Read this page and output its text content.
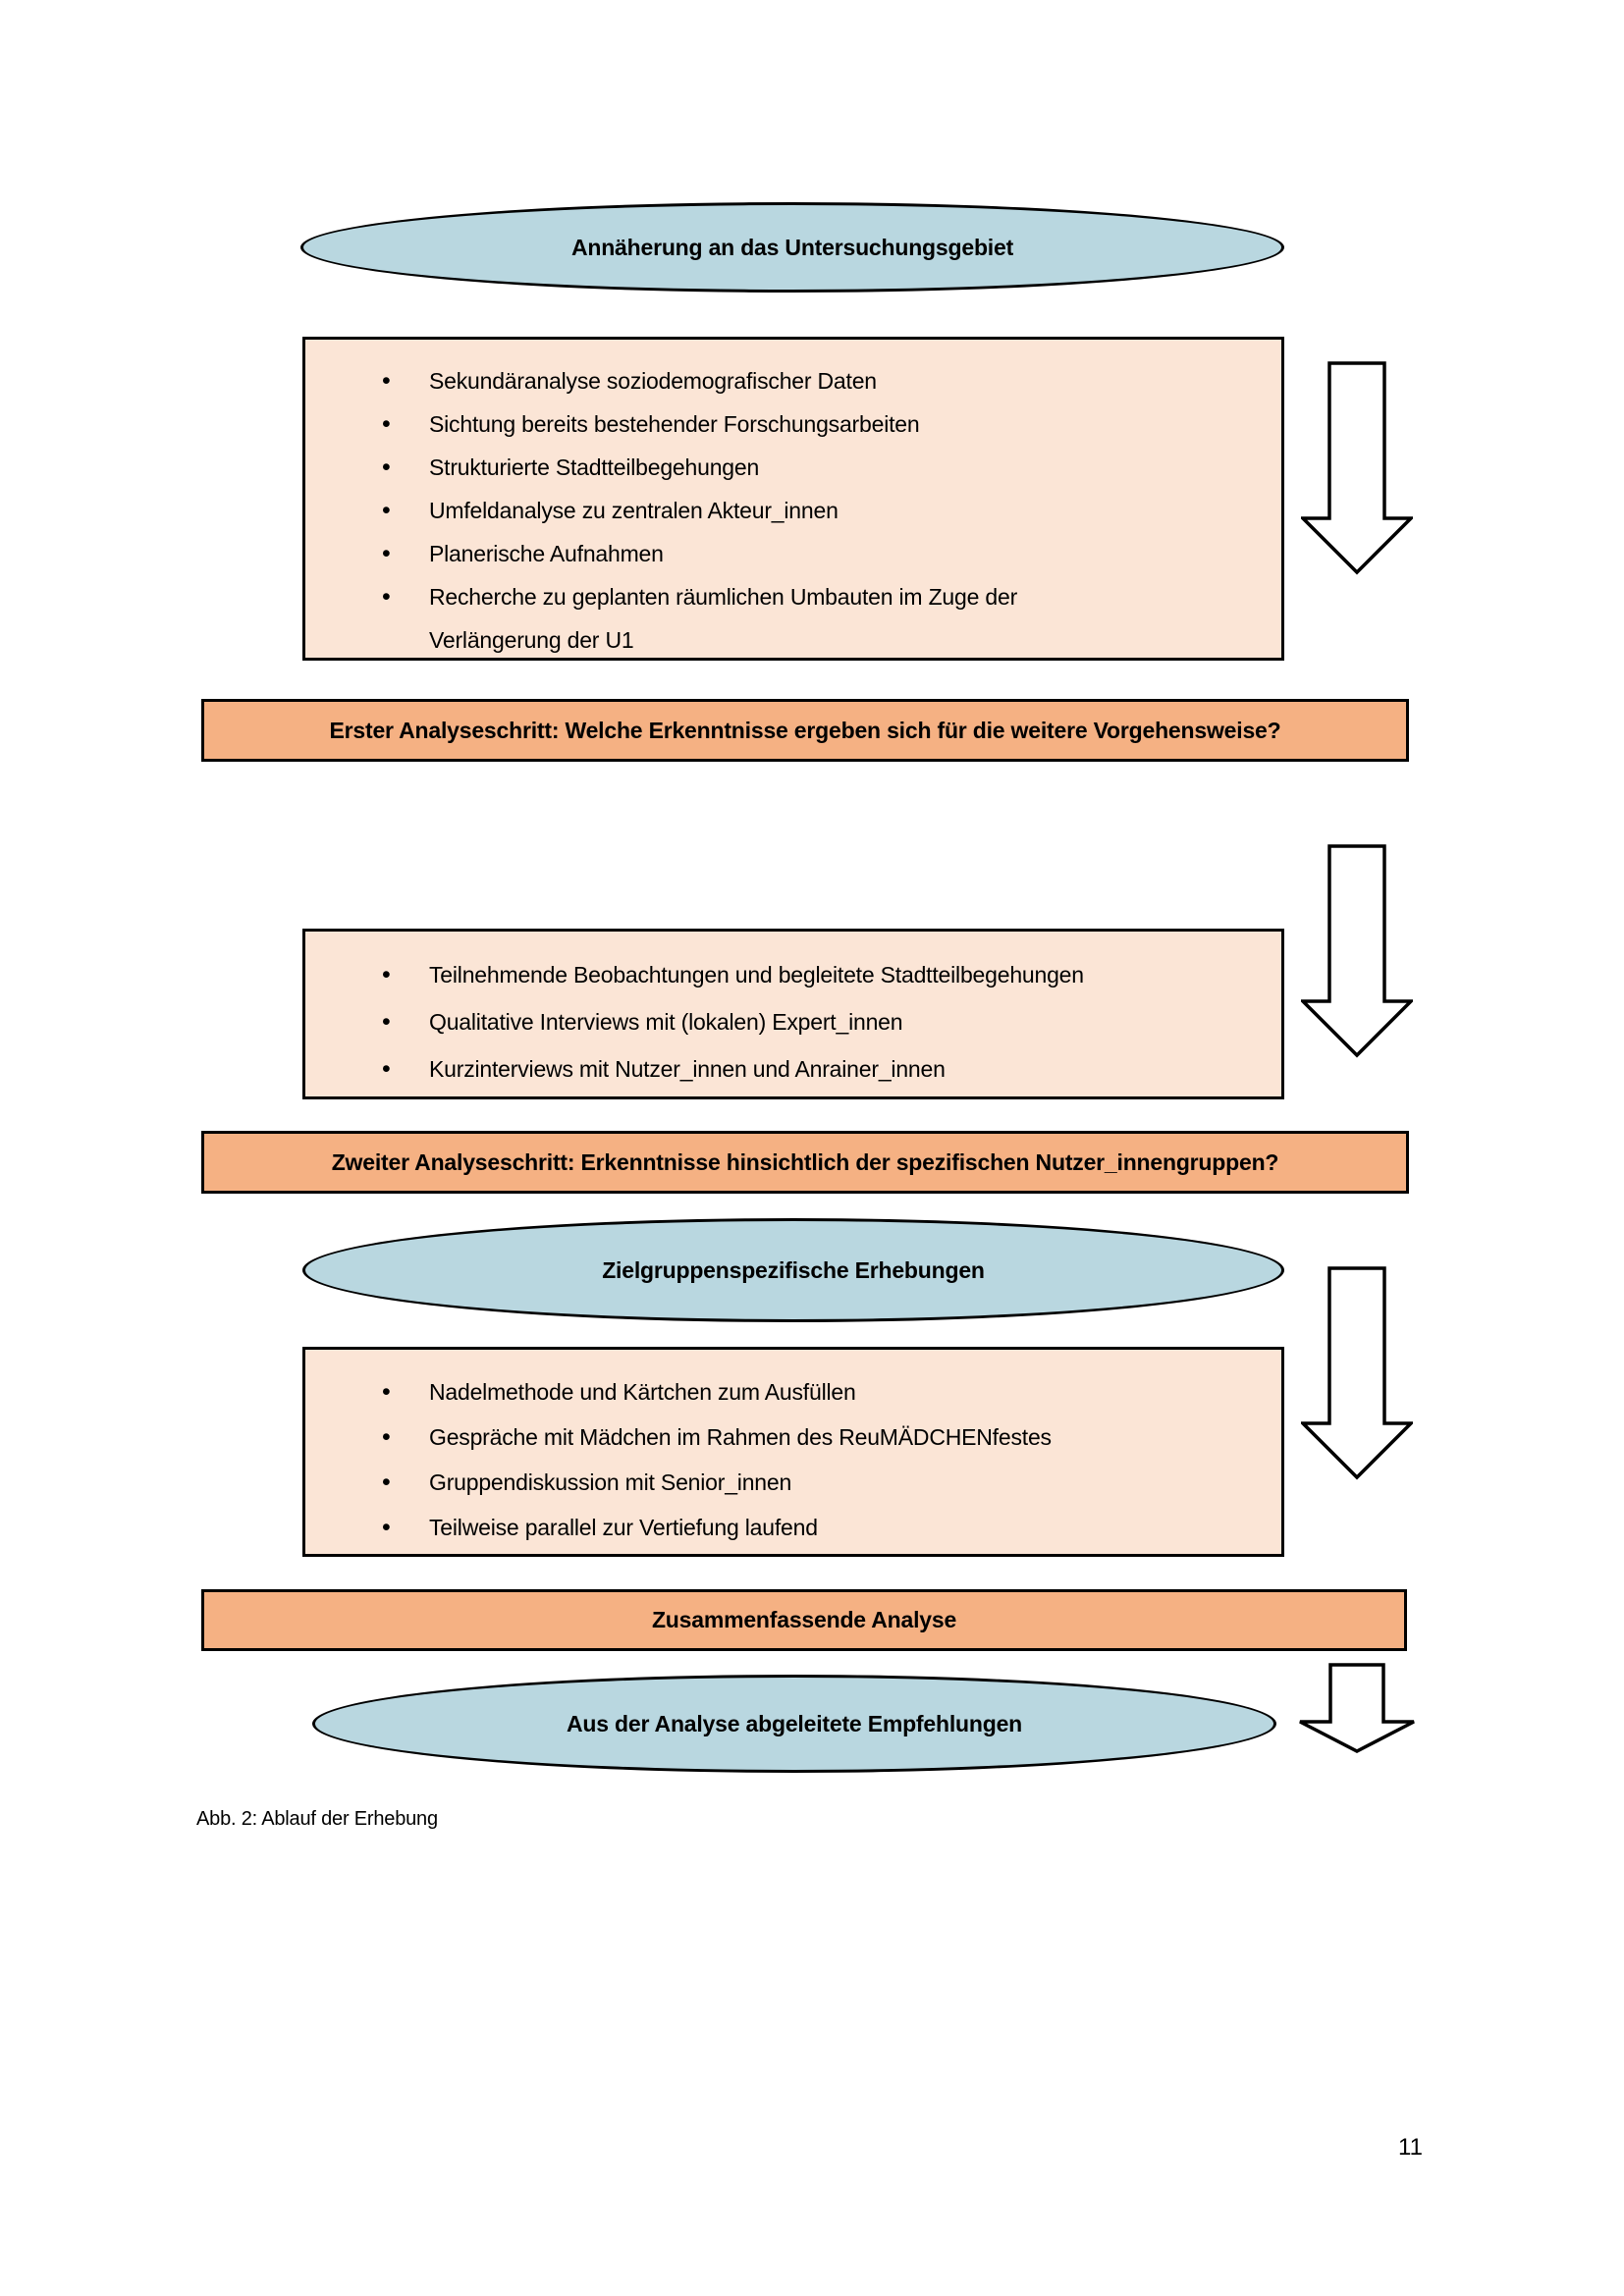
Annäherung an das Untersuchungsgebiet
• Sekundäranalyse soziodemografischer Daten
• Sichtung bereits bestehender Forschungsarbeiten
• Strukturierte Stadtteilbegehungen
• Umfeldanalyse zu zentralen Akteur_innen
• Planerische Aufnahmen
• Recherche zu geplanten räumlichen Umbauten im Zuge der Verlängerung der U1
Erster Analyseschritt: Welche Erkenntnisse ergeben sich für die weitere Vorgehensweise?
• Teilnehmende Beobachtungen und begleitete Stadtteilbegehungen
• Qualitative Interviews mit (lokalen) Expert_innen
• Kurzinterviews mit Nutzer_innen und Anrainer_innen
Zweiter Analyseschritt: Erkenntnisse hinsichtlich der spezifischen Nutzer_innengruppen?
Zielgruppenspezifische Erhebungen
• Nadelmethode und Kärtchen zum Ausfüllen
• Gespräche mit Mädchen im Rahmen des ReuMÄDCHENfestes
• Gruppendiskussion mit Senior_innen
• Teilweise parallel zur Vertiefung laufend
Zusammenfassende Analyse
Aus der Analyse abgeleitete Empfehlungen
Abb. 2: Ablauf der Erhebung
11
